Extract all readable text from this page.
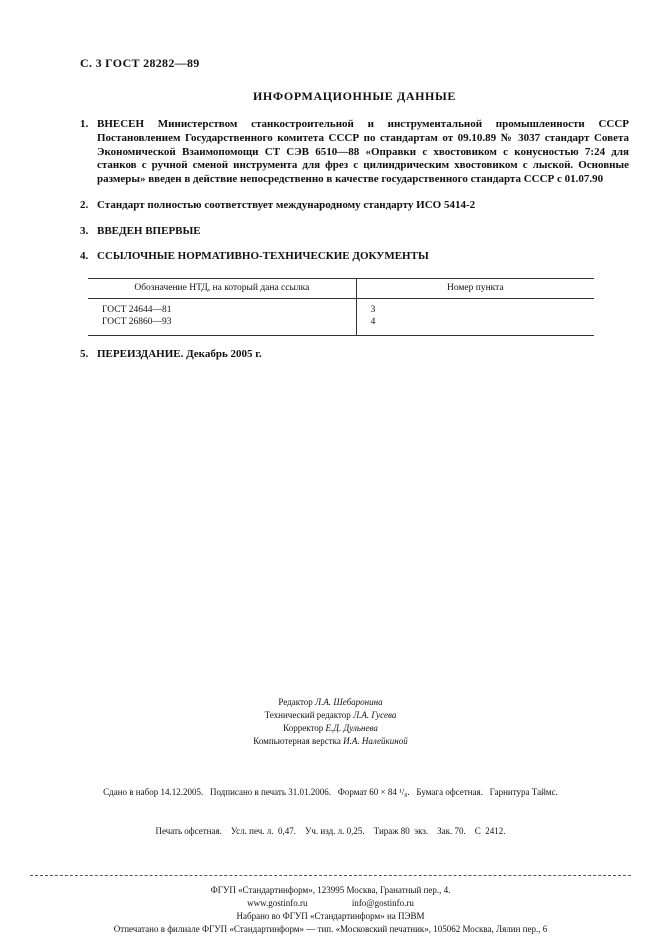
С. 3 ГОСТ 28282—89
ИНФОРМАЦИОННЫЕ ДАННЫЕ
1. ВНЕСЕН Министерством станкостроительной и инструментальной промышленности СССР Постановлением Государственного комитета СССР по стандартам от 09.10.89 № 3037 стандарт Совета Экономической Взаимопомощи СТ СЭВ 6510—88 «Оправки с хвостовиком с конусностью 7:24 для станков с ручной сменой инструмента для фрез с цилиндрическим хвостовиком с лыской. Основные размеры» введен в действие непосредственно в качестве государственного стандарта СССР с 01.07.90
2. Стандарт полностью соответствует международному стандарту ИСО 5414-2
3. ВВЕДЕН ВПЕРВЫЕ
4. ССЫЛОЧНЫЕ НОРМАТИВНО-ТЕХНИЧЕСКИЕ ДОКУМЕНТЫ
Обозначение НТД, на который дана ссылка	Номер пункта
ГОСТ 24644—81	3
ГОСТ 26860—93	4
5. ПЕРЕИЗДАНИЕ. Декабрь 2005 г.
Редактор Л.А. Шебаронина
Технический редактор Л.А. Гусева
Корректор Е.Д. Дульнева
Компьютерная верстка И.А. Налейкиной

Сдано в набор 14.12.2005.   Подписано в печать 31.01.2006.   Формат 60 × 84 ¹/₈.   Бумага офсетная.   Гарнитура Таймс.

Печать офсетная.    Усл. печ. л.  0,47.    Уч. изд. л. 0,25.    Тираж 80  экз.    Зак. 70.    С  2412.

ФГУП «Стандартинформ», 123995 Москва, Гранатный пер., 4.
www.gostinfo.ru	info@gostinfo.ru
Набрано во ФГУП «Стандартинформ» на ПЭВМ
Отпечатано в филиале ФГУП «Стандартинформ» — тип. «Московский печатник», 105062 Москва, Лялин пер., 6
